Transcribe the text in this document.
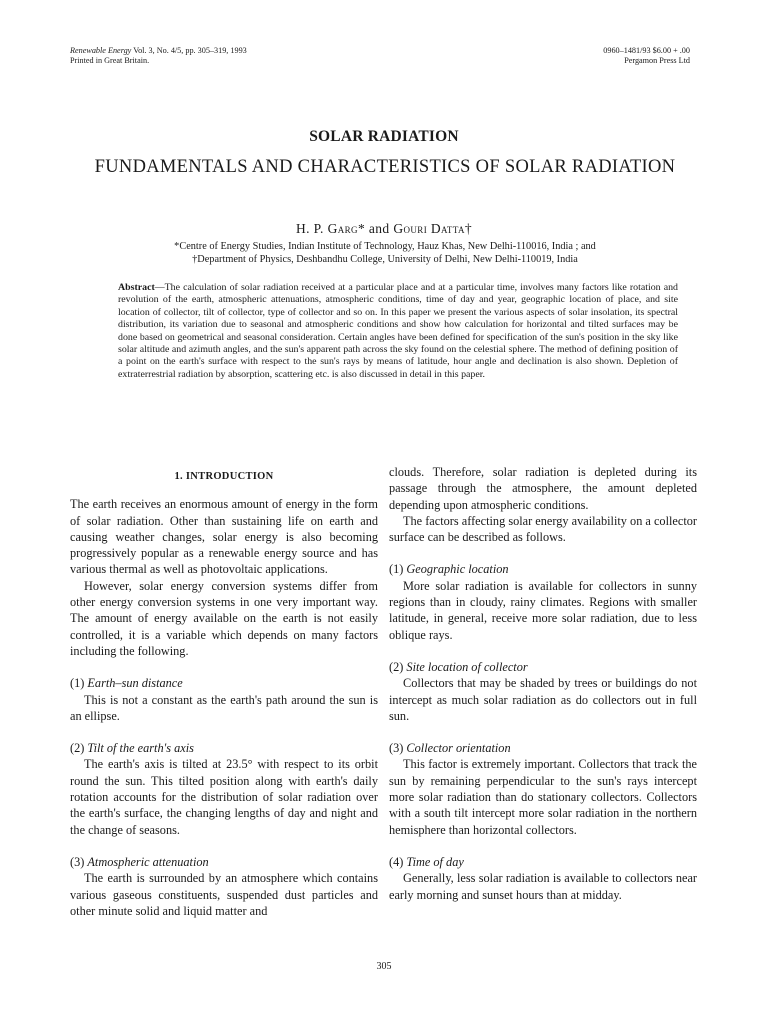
Renewable Energy Vol. 3, No. 4/5, pp. 305–319, 1993
Printed in Great Britain.
0960–1481/93 $6.00 + .00
Pergamon Press Ltd
SOLAR RADIATION
FUNDAMENTALS AND CHARACTERISTICS OF SOLAR RADIATION
H. P. Garg* and Gouri Datta†
*Centre of Energy Studies, Indian Institute of Technology, Hauz Khas, New Delhi-110016, India ; and
†Department of Physics, Deshbandhu College, University of Delhi, New Delhi-110019, India
Abstract—The calculation of solar radiation received at a particular place and at a particular time, involves many factors like rotation and revolution of the earth, atmospheric attenuations, atmospheric conditions, time of day and year, geographic location of place, and site location of collector, tilt of collector, type of collector and so on. In this paper we present the various aspects of solar insolation, its spectral distribution, its variation due to seasonal and atmospheric conditions and show how calculation for horizontal and tilted surfaces may be done based on geometrical and seasonal consideration. Certain angles have been defined for specification of the sun's position in the sky like solar altitude and azimuth angles, and the sun's apparent path across the sky found on the celestial sphere. The method of defining position of a point on the earth's surface with respect to the sun's rays by means of latitude, hour angle and declination is also shown. Depletion of extraterrestrial radiation by absorption, scattering etc. is also discussed in detail in this paper.
1. INTRODUCTION

The earth receives an enormous amount of energy in the form of solar radiation. Other than sustaining life on earth and causing weather changes, solar energy is also becoming progressively popular as a renewable energy source and has various thermal as well as photovoltaic applications.

However, solar energy conversion systems differ from other energy conversion systems in one very important way. The amount of energy available on the earth is not easily controlled, it is a variable which depends on many factors including the following.

(1) Earth–sun distance

This is not a constant as the earth's path around the sun is an ellipse.

(2) Tilt of the earth's axis

The earth's axis is tilted at 23.5° with respect to its orbit round the sun. This tilted position along with earth's daily rotation accounts for the distribution of solar radiation over the earth's surface, the changing lengths of day and night and the change of seasons.

(3) Atmospheric attenuation

The earth is surrounded by an atmosphere which contains various gaseous constituents, suspended dust particles and other minute solid and liquid matter and

clouds. Therefore, solar radiation is depleted during its passage through the atmosphere, the amount depleted depending upon atmospheric conditions.

The factors affecting solar energy availability on a collector surface can be described as follows.

(1) Geographic location

More solar radiation is available for collectors in sunny regions than in cloudy, rainy climates. Regions with smaller latitude, in general, receive more solar radiation, due to less oblique rays.

(2) Site location of collector

Collectors that may be shaded by trees or buildings do not intercept as much solar radiation as do collectors out in full sun.

(3) Collector orientation

This factor is extremely important. Collectors that track the sun by remaining perpendicular to the sun's rays intercept more solar radiation than do stationary collectors. Collectors with a south tilt intercept more solar radiation in the northern hemisphere than horizontal collectors.

(4) Time of day

Generally, less solar radiation is available to collectors near early morning and sunset hours than at midday.

305
